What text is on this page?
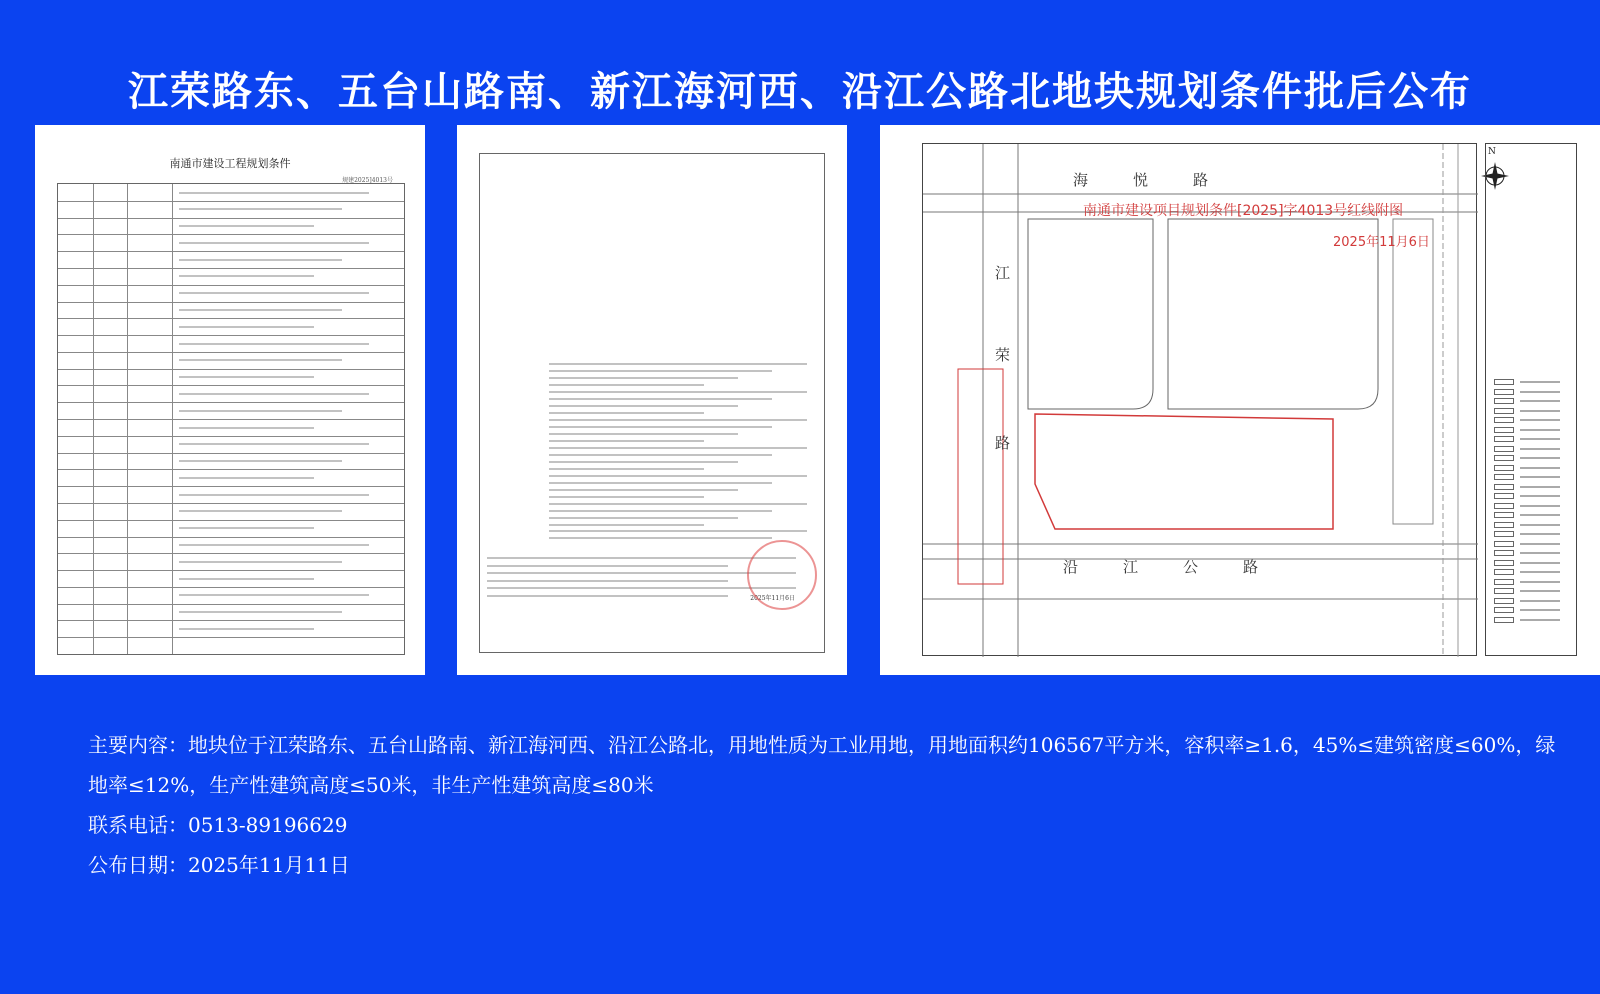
江荣路东、五台山路南、新江海河西、沿江公路北地块规划条件批后公布
南通市建设工程规划条件
规建2025]4013号
2025年11月6日
南通市建设项目规划条件[2025]字4013号红线附图
2025年11月6日
海　　　悦　　　路
江
荣
路
沿　　　江　　　公　　　路
N
主要内容：地块位于江荣路东、五台山路南、新江海河西、沿江公路北，用地性质为工业用地，用地面积约106567平方米，容积率≥1.6，45%≤建筑密度≤60%，绿地率≤12%，生产性建筑高度≤50米，非生产性建筑高度≤80米
联系电话：0513-89196629
公布日期：2025年11月11日
